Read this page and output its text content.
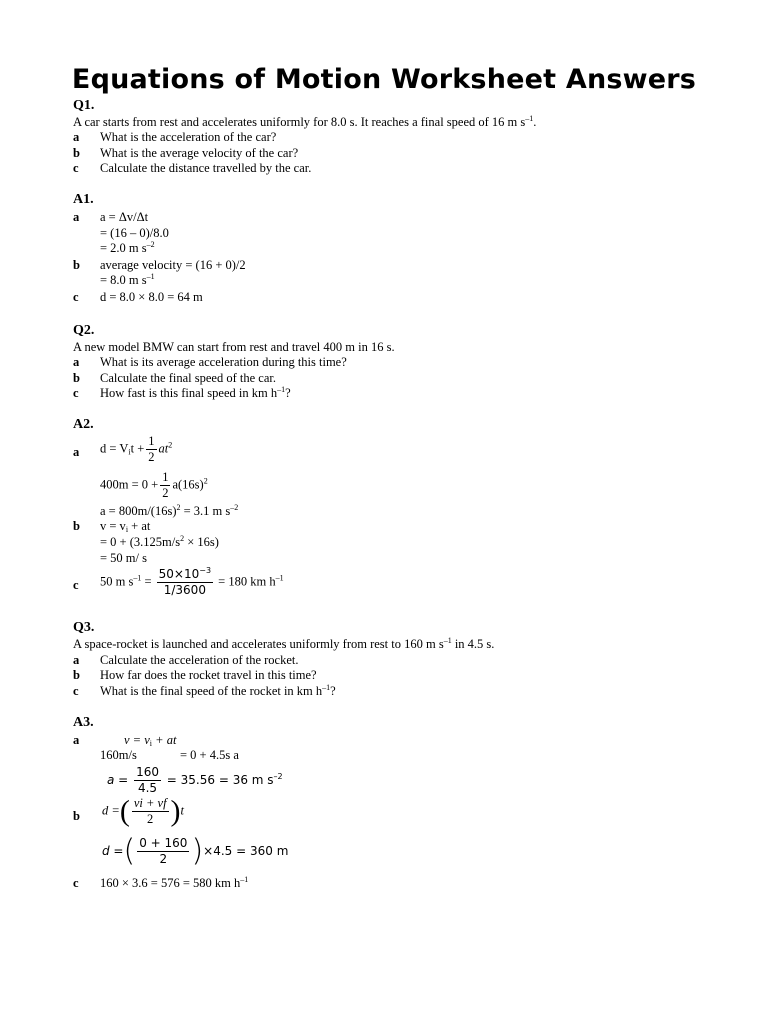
Equations of Motion Worksheet Answers
Q1.
A car starts from rest and accelerates uniformly for 8.0 s. It reaches a final speed of 16 m $s^{-1}$.
a What is the acceleration of the car?
b What is the average velocity of the car?
c Calculate the distance travelled by the car.
A1.
a a = Δv/Δt
= (16 – 0)/8.0
= 2.0 m $s^{-2}$
b average velocity = (16 + 0)/2
= 8.0 m $s^{-1}$
c d = 8.0 × 8.0 = 64 m
Q2.
A new model BMW can start from rest and travel 400 m in 16 s.
a What is its average acceleration during this time?
b Calculate the final speed of the car.
c How fast is this final speed in km $h^{-1}$?
A2.
a $d = V_it + \frac{1}{2} at^2$
$400m = 0 + \frac{1}{2} a(16s)^2$
$a = 800m/(16s)^2 = 3.1$ m $s^{-2}$
b $v = v_i$ + at
= $0 + (3.125m/s^2 \times 16s)$
= 50 m/ s
c 50 m $s^{-1} = \frac{50\times 10^{-3}}{1/3600} = 180$ km $h^{-1}$
Q3.
A space-rocket is launched and accelerates uniformly from rest to 160 m $s^{-1}$ in 4.5 s.
a Calculate the acceleration of the rocket.
b How far does the rocket travel in this time?
c What is the final speed of the rocket in km $h^{-1}$?
A3.
a	$v = v_i$ + at
160m/s	= 0 + 4.5s a
$a = \frac{160}{4.5} = 35.56 = 36$ m $s^{-2}$
b d =( $\frac{vi + vf}{2} )t$
d =( $\frac{0 + 160}{2} )\times 4.5 = 360$ m
c 160 × 3.6 = 576 = 580 km $h^{-1}$
